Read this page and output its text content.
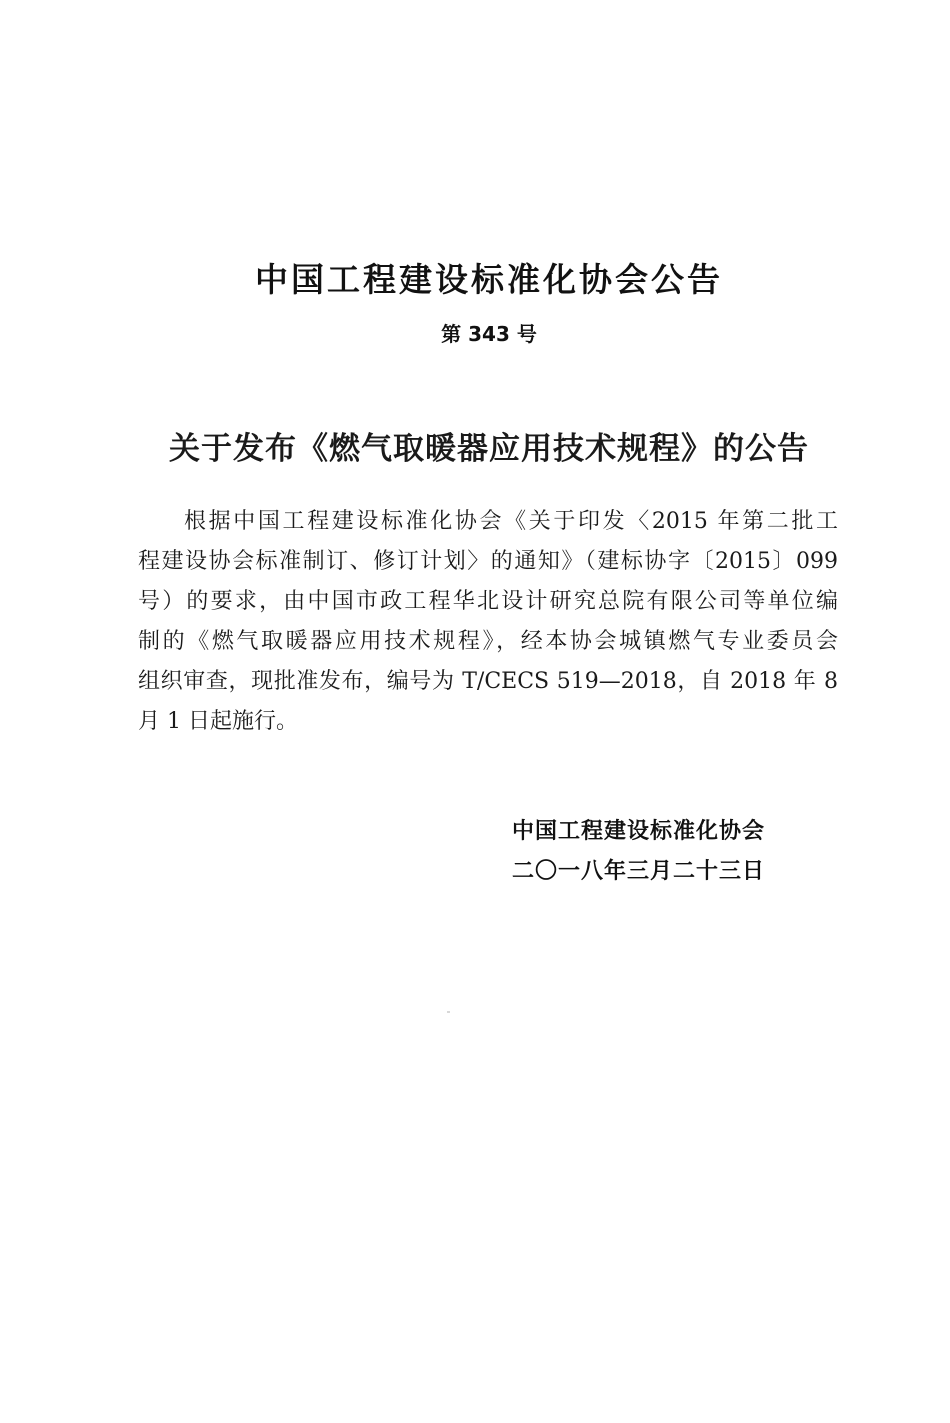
中国工程建设标准化协会公告
第 343 号
关于发布《燃气取暖器应用技术规程》的公告

根据中国工程建设标准化协会《关于印发〈2015 年第二批工
程建设协会标准制订、修订计划〉的通知》（建标协字〔2015〕099
号）的要求，由中国市政工程华北设计研究总院有限公司等单位编
制的《燃气取暖器应用技术规程》，经本协会城镇燃气专业委员会
组织审查，现批准发布，编号为 T/CECS 519—2018，自 2018 年 8
月 1 日起施行。

中国工程建设标准化协会
二〇一八年三月二十三日
